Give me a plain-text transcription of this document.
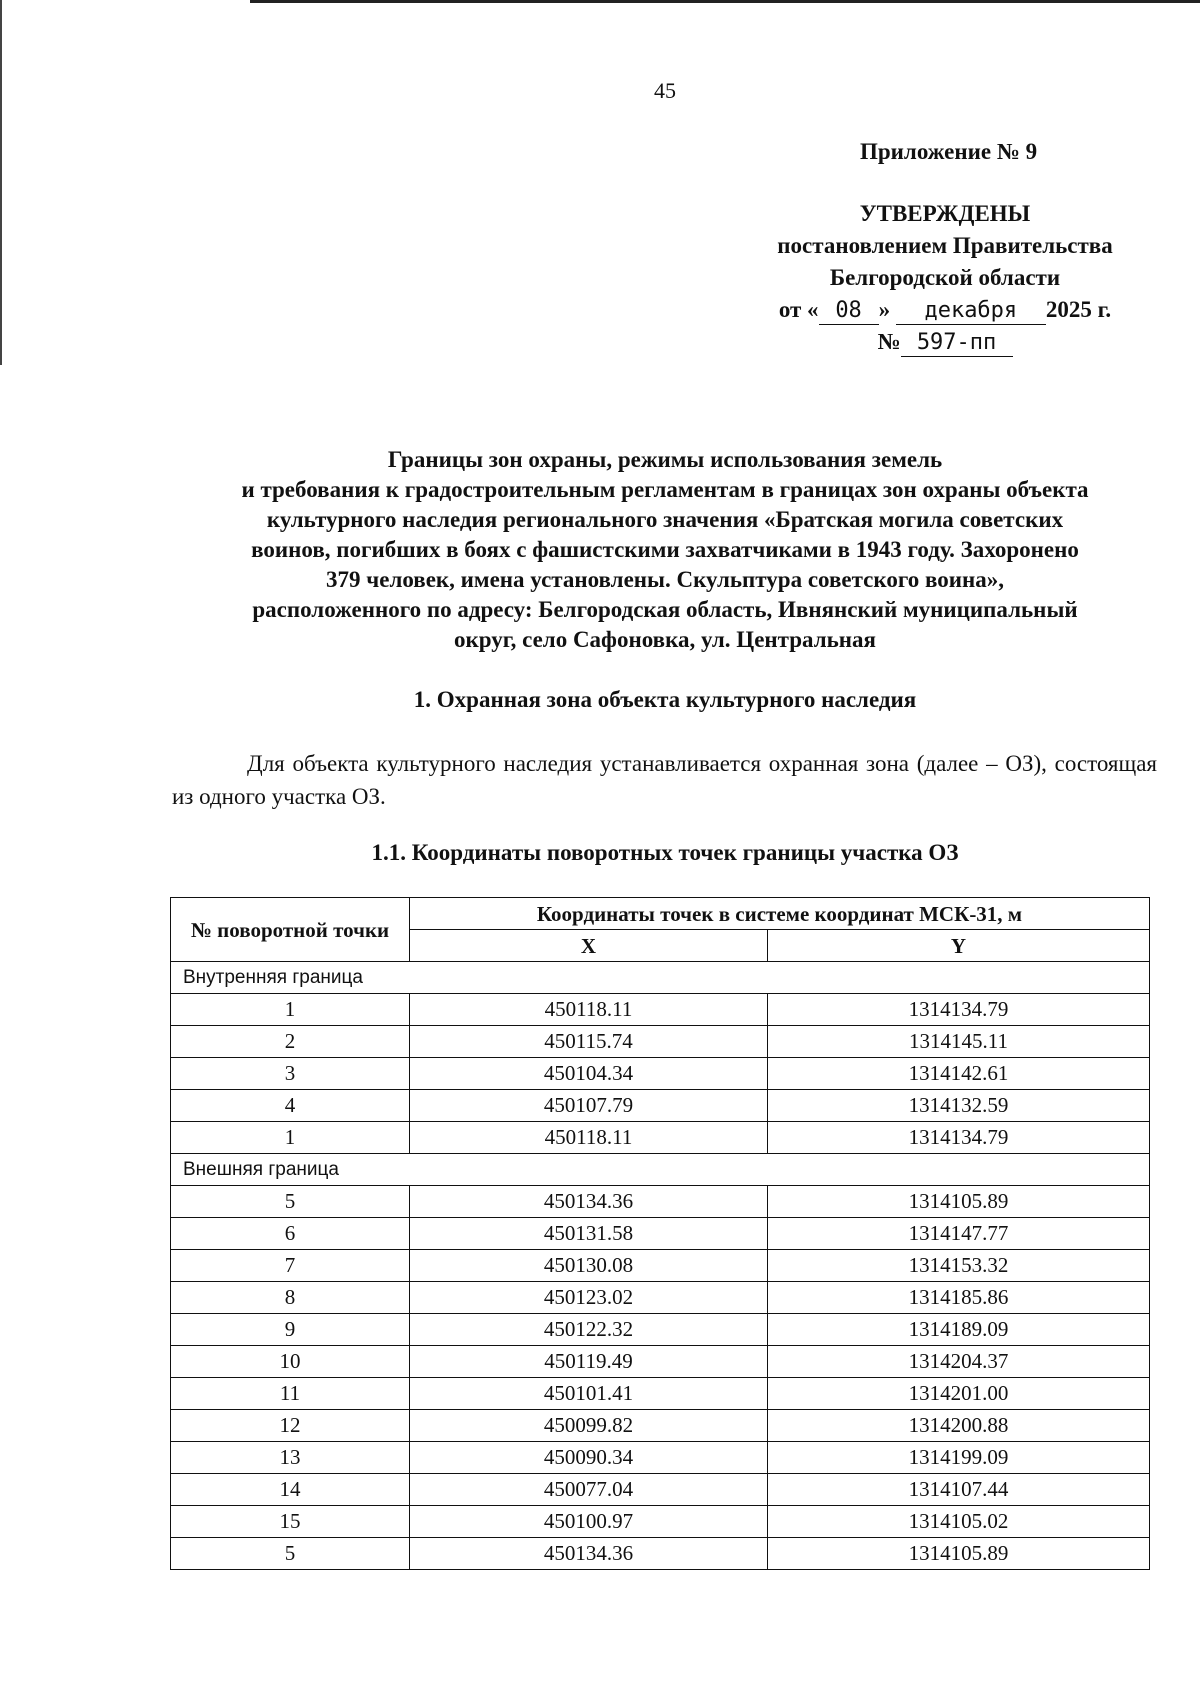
45
Приложение № 9
УТВЕРЖДЕНЫ
постановлением Правительства
Белгородской области
от « 08 » декабря 2025 г.
№ 597-пп
Границы зон охраны, режимы использования земель
и требования к градостроительным регламентам в границах зон охраны объекта
культурного наследия регионального значения «Братская могила советских
воинов, погибших в боях с фашистскими захватчиками в 1943 году. Захоронено
379 человек, имена установлены. Скульптура советского воина»,
расположенного по адресу: Белгородская область, Ивнянский муниципальный
округ, село Сафоновка, ул. Центральная
1. Охранная зона объекта культурного наследия
Для объекта культурного наследия устанавливается охранная зона (далее – ОЗ), состоящая из одного участка ОЗ.
1.1. Координаты поворотных точек границы участка ОЗ
№ поворотной точки	Координаты точек в системе координат МСК-31, м	
	X	Y
Внутренняя граница		
1	450118.11	1314134.79
2	450115.74	1314145.11
3	450104.34	1314142.61
4	450107.79	1314132.59
1	450118.11	1314134.79
Внешняя граница		
5	450134.36	1314105.89
6	450131.58	1314147.77
7	450130.08	1314153.32
8	450123.02	1314185.86
9	450122.32	1314189.09
10	450119.49	1314204.37
11	450101.41	1314201.00
12	450099.82	1314200.88
13	450090.34	1314199.09
14	450077.04	1314107.44
15	450100.97	1314105.02
5	450134.36	1314105.89
